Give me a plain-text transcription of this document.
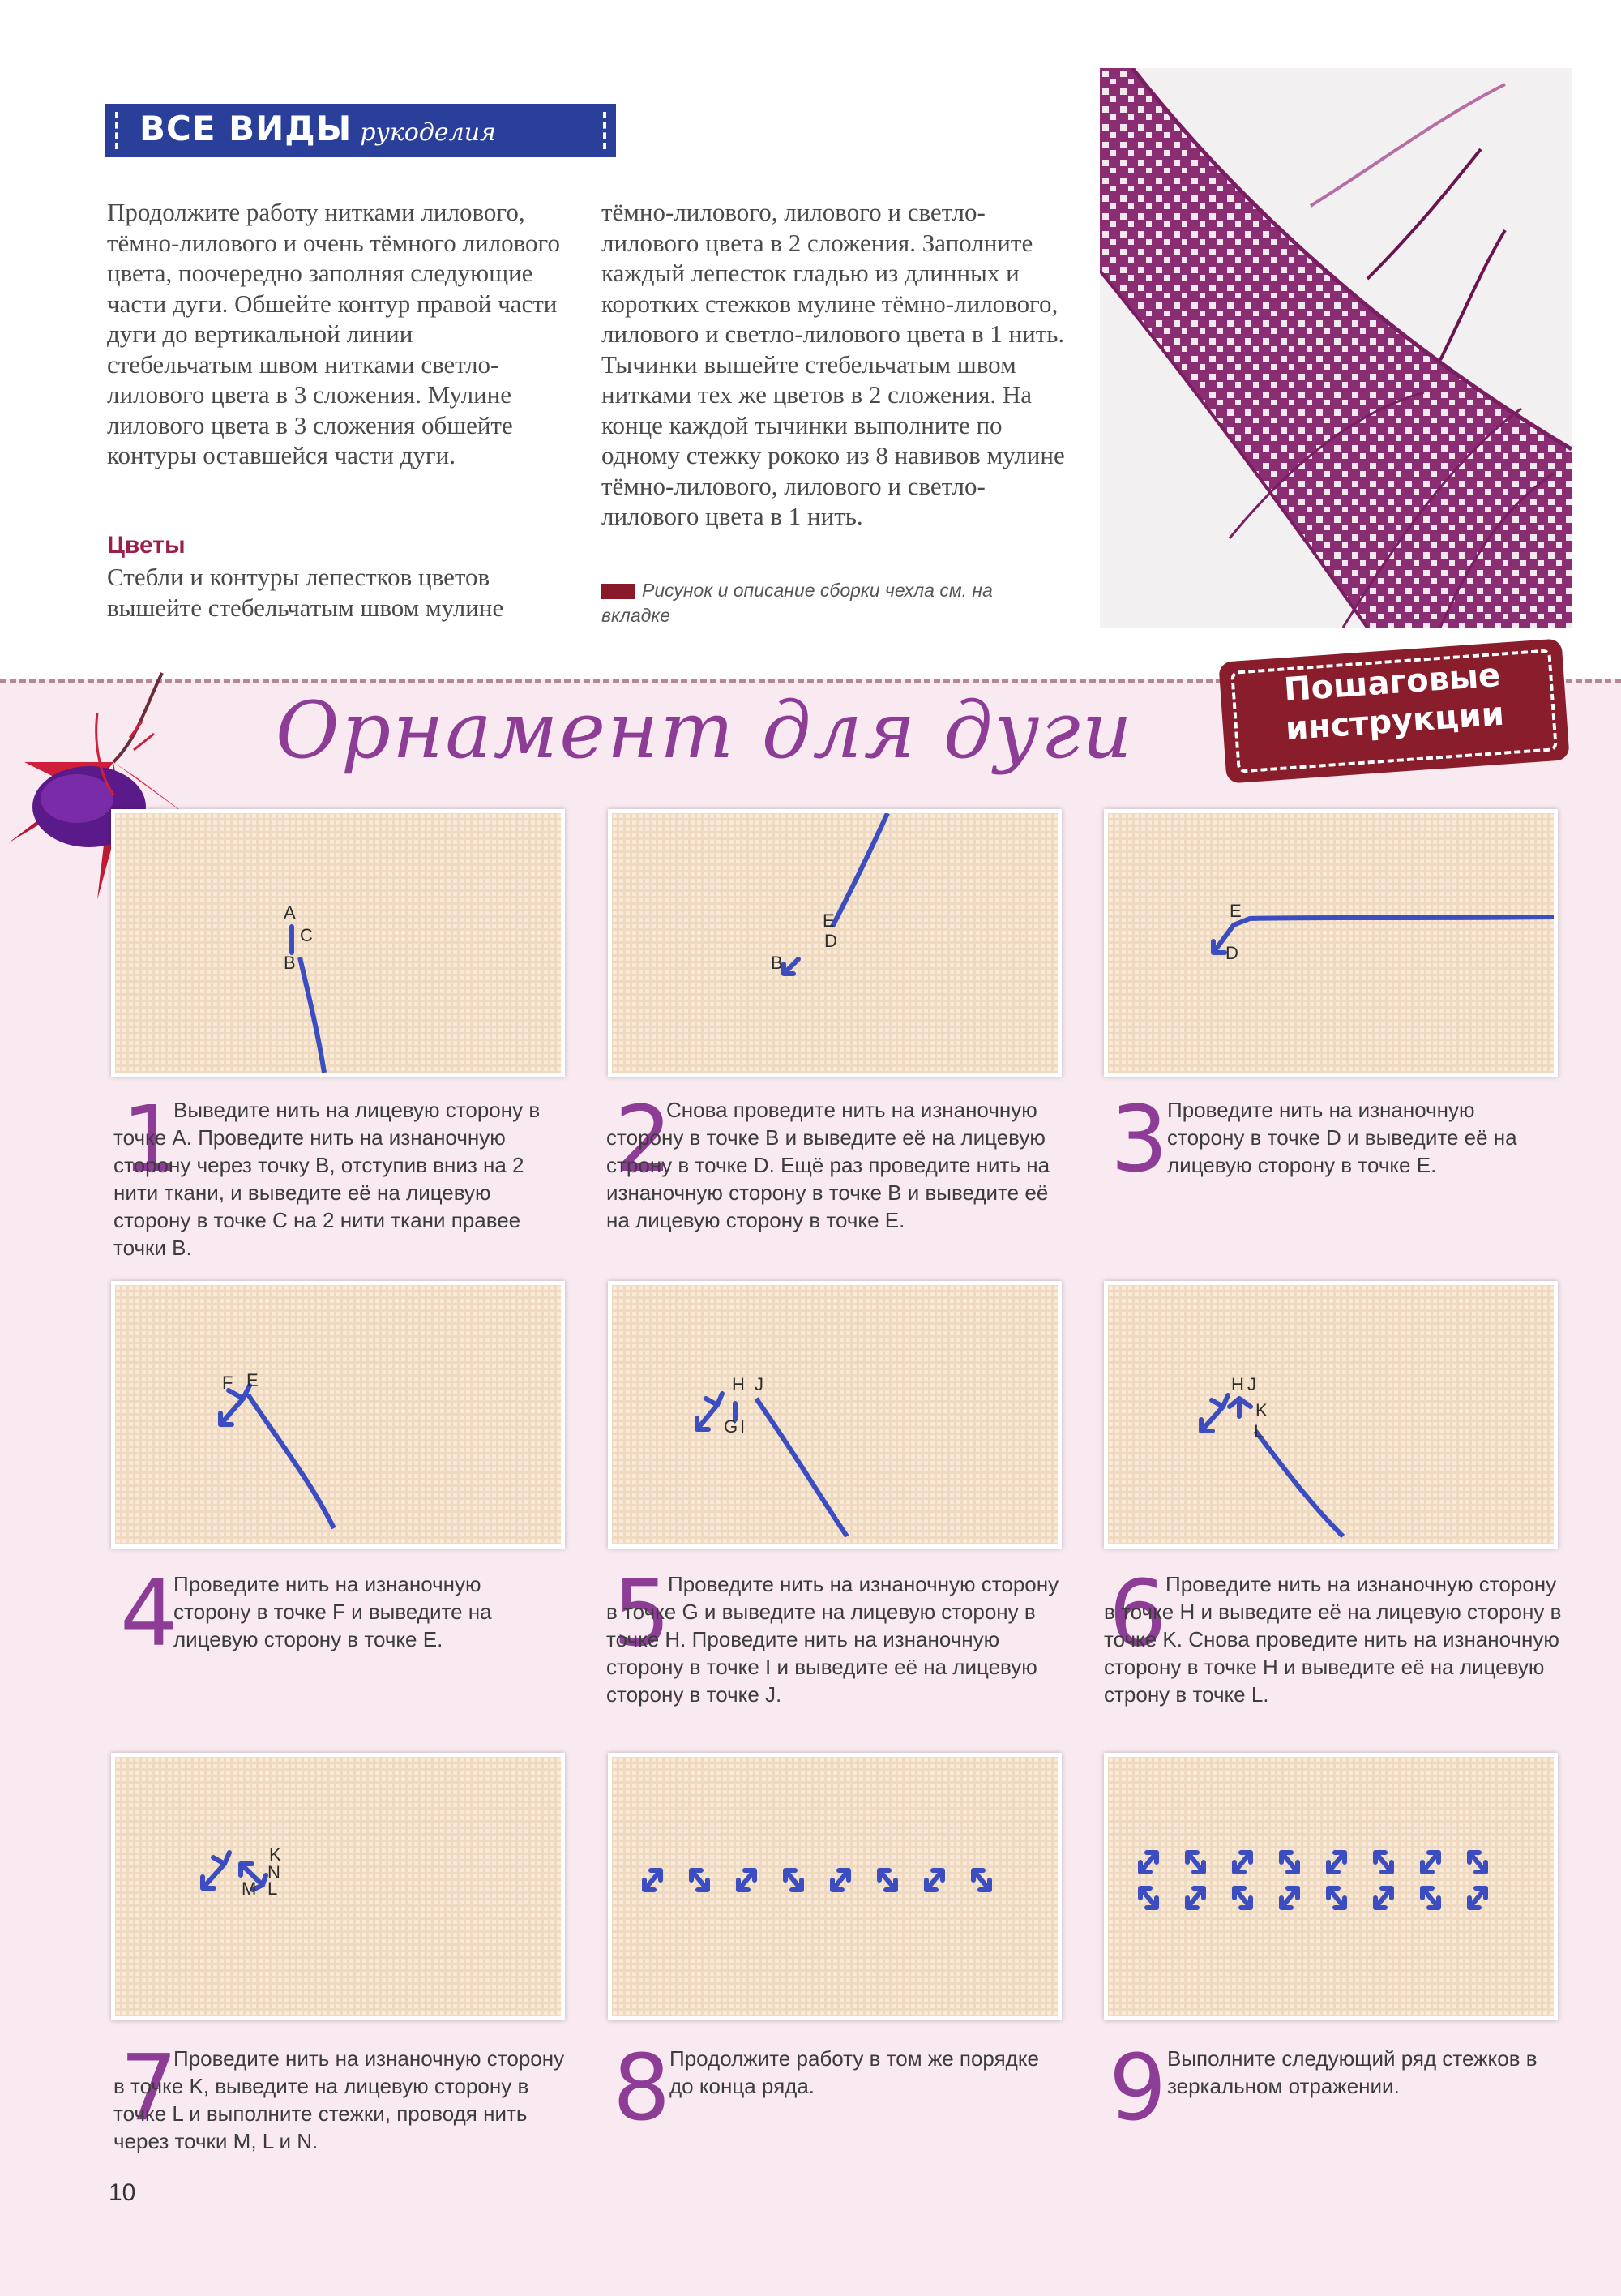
ВСЕ ВИДЫ рукоделия

Продолжите работу нитками лилового, тёмно-лилового и очень тёмного лилового цвета, поочередно заполняя следующие части дуги. Обшейте контур правой части дуги до вертикальной линии стебельчатым швом нитками светло-лилового цвета в 3 сложения. Мулине лилового цвета в 3 сложения обшейте контуры оставшейся части дуги.

Цветы

Стебли и контуры лепестков цветов вышейте стебельчатым швом мулине

тёмно-лилового, лилового и светло-лилового цвета в 2 сложения. Заполните каждый лепесток гладью из длинных и коротких стежков мулине тёмно-лилового, лилового и светло-лилового цвета в 1 нить. Тычинки вышейте стебельчатым швом нитками тех же цветов в 2 сложения. На конце каждой тычинки выполните по одному стежку рококо из 8 навивов мулине тёмно-лилового, лилового и светло-лилового цвета в 1 нить.

Рисунок и описание сборки чехла см. на вкладке
Орнамент для дуги
Пошаговые
инструкции
A
C
B
1

Выведите нить на лицевую сторону в точке A. Проведите нить на изнаночную сторону через точку B, отступив вниз на 2 нити ткани, и выведите её на лицевую сторону в точке C на 2 нити ткани правее точки B.

E
D
B
2

Снова проведите нить на изнаночную сторону в точке B и выведите её на лицевую строну в точке D. Ещё раз проведите нить на изнаночную сторону в точке B и выведите её на лицевую сторону в точке E.

E
D
3

Проведите нить на изнаночную сторону в точке D и выведите её на лицевую сторону в точке E.

F E
4

Проведите нить на изнаночную сторону в точке F и выведите на лицевую сторону в точке E.

H J
G I
5

Проведите нить на изнаночную сторону в точке G и выведите на лицевую сторону в точке H. Проведите нить на изнаночную сторону в точке I и выведите её на лицевую сторону в точке J.

H J
K
L
6

Проведите нить на изнаночную сторону в точке H и выведите её на лицевую сторону в точке K. Снова проведите нить на изнаночную сторону в точке H и выведите её на лицевую строну в точке L.

K
N
M L
7

Проведите нить на изнаночную сторону в точке K, выведите на лицевую сторону в точке L и выполните стежки, проводя нить через точки M, L и N.	8

Продолжите работу в том же порядке до конца ряда.	9 Выполните следующий ряд стежков в зеркальном отражении.

10
